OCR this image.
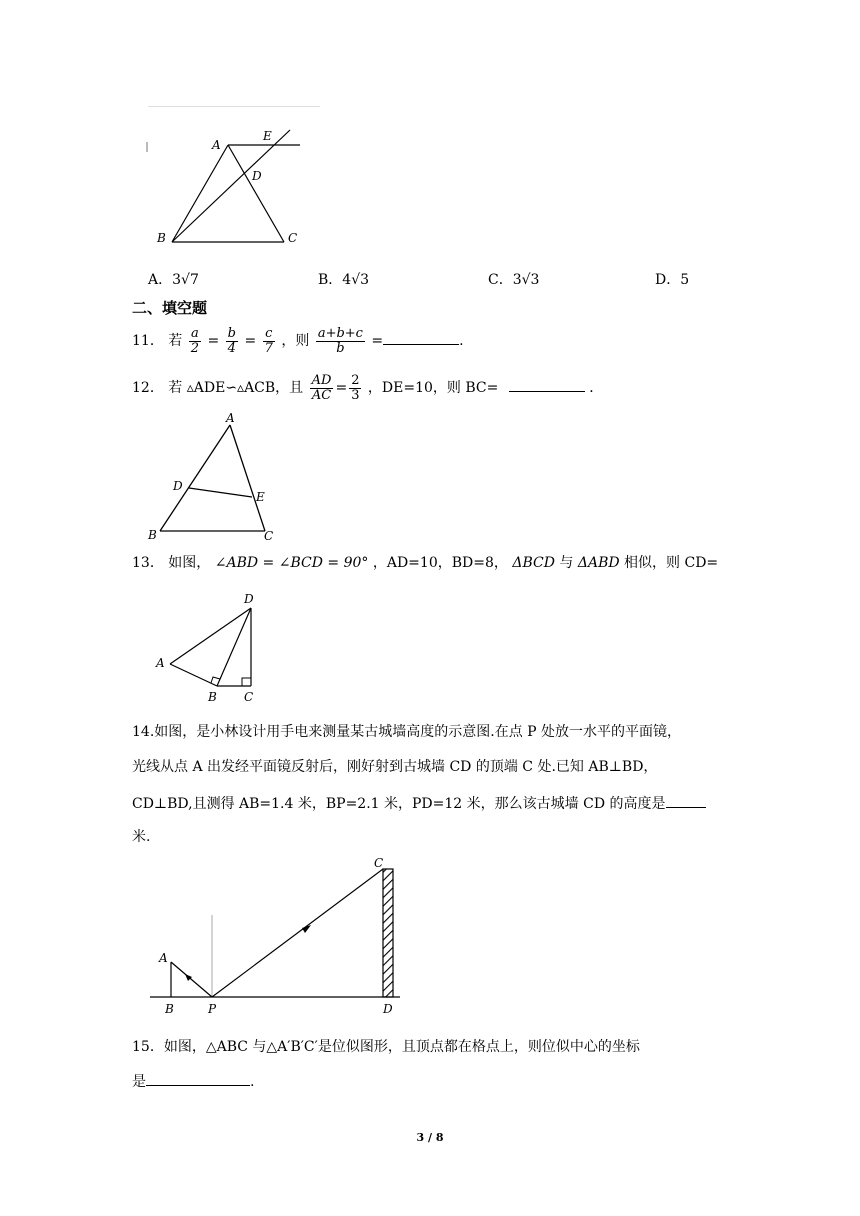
A
E
D
B	C
A．3√7	B．4√3	C．3√3	D．5
二、填空题
11． 若 $\frac{a}{2} = \frac{b}{4} = \frac{c}{7}$ ，则 $\frac{a+b+c}{b}$ =	.
12． 若 ▵ADE∽▵ACB，且 $\frac{AD}{AC} = \frac{2}{3}$ ，DE=10，则 BC=	．
A
D
E
B	C
13． 如图， ∠ABD = ∠BCD = 90° ，AD=10，BD=8， ΔBCD 与 ΔABD 相似，则 CD=
D
A
B C
14.如图，是小林设计用手电来测量某古城墙高度的示意图.在点 P 处放一水平的平面镜，
光线从点 A 出发经平面镜反射后，刚好射到古城墙 CD 的顶端 C 处.已知 AB⊥BD，
CD⊥BD,且测得 AB=1.4 米，BP=2.1 米，PD=12 米，那么该古城墙 CD 的高度是
米.
A
B	P
C
D
15．如图，△ABC 与△A′B′C′是位似图形，且顶点都在格点上，则位似中心的坐标
是	.
3 / 8
